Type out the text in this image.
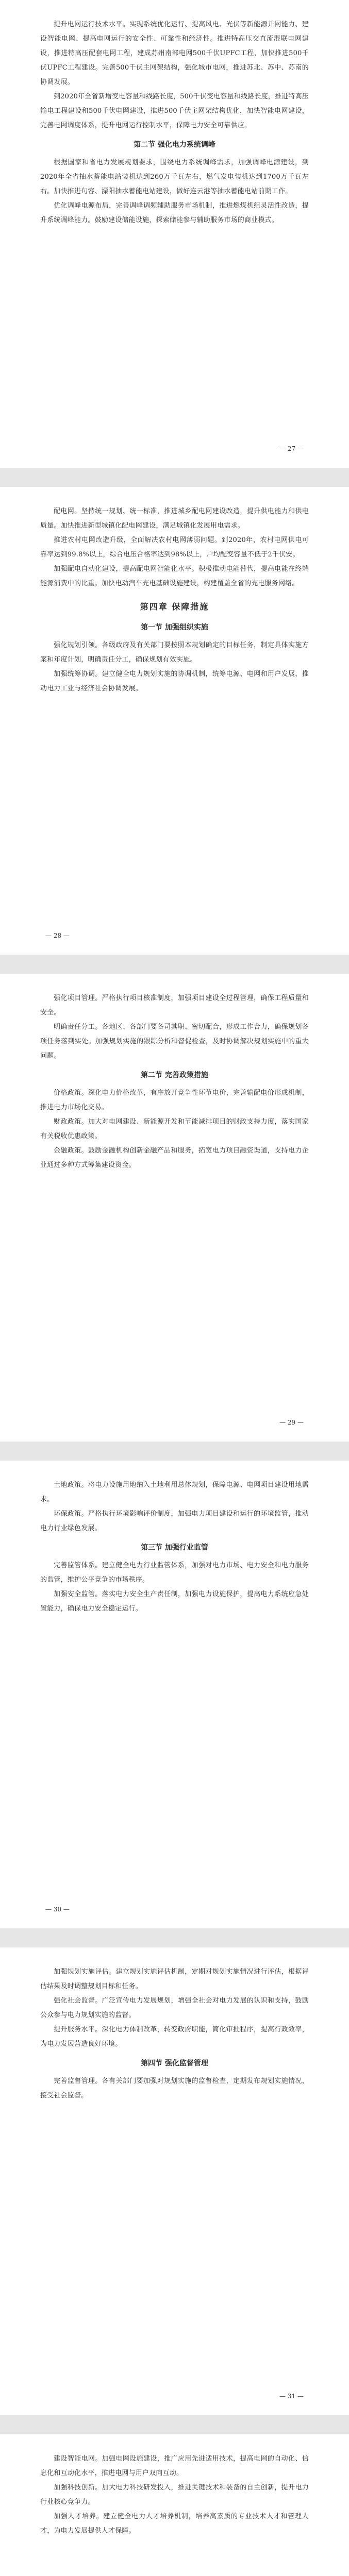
提升电网运行技术水平。实现系统优化运行、提高风电、光伏等新能源并网能力、建设智能电网、提高电网运行的安全性、可靠性和经济性。推进特高压交直流混联电网建设，推进特高压配套电网工程，建成苏州南部电网500千伏UPFC工程，加快推进500千伏UPFC工程建设。完善500千伏主网架结构，强化城市电网，推进苏北、苏中、苏南的协调发展。

到2020年全省新增变电容量和线路长度，500千伏变电容量和线路长度，推进特高压输电工程建设和500千伏电网建设，推进500千伏主网架结构优化，加快智能电网建设，完善电网调度体系，提升电网运行控制水平，保障电力安全可靠供应。

第二节 强化电力系统调峰

根据国家和省电力发展规划要求，围绕电力系统调峰需求，加强调峰电源建设，到2020年全省抽水蓄能电站装机达到260万千瓦左右，燃气发电装机达到1700万千瓦左右。加快推进句容、溧阳抽水蓄能电站建设，做好连云港等抽水蓄能电站前期工作。

优化调峰电源布局，完善调峰调频辅助服务市场机制，推进燃煤机组灵活性改造，提升系统调峰能力。鼓励建设储能设施，探索储能参与辅助服务市场的商业模式。

— 27 —

配电网。坚持统一规划、统一标准，推进城乡配电网建设改造，提升供电能力和供电质量。加快推进新型城镇化配电网建设，满足城镇化发展用电需求。

推进农村电网改造升级，全面解决农村电网薄弱问题。到2020年，农村电网供电可靠率达到99.8%以上，综合电压合格率达到98%以上，户均配变容量不低于2千伏安。

加强配电自动化建设，提高配电网智能化水平。积极推动电能替代，提高电能在终端能源消费中的比重。加快电动汽车充电基础设施建设，构建覆盖全省的充电服务网络。

第四章 保障措施
第一节 加强组织实施

强化规划引领。各级政府及有关部门要按照本规划确定的目标任务，制定具体实施方案和年度计划，明确责任分工，确保规划有效实施。

加强统筹协调。建立健全电力规划实施的协调机制，统筹电源、电网和用户发展，推动电力工业与经济社会协调发展。

— 28 —

强化项目管理。严格执行项目核准制度，加强项目建设全过程管理，确保工程质量和安全。

明确责任分工。各地区、各部门要各司其职、密切配合，形成工作合力，确保规划各项任务落到实处。加强规划实施的跟踪分析和督促检查，及时协调解决规划实施中的重大问题。

第二节 完善政策措施

价格政策。深化电力价格改革，有序放开竞争性环节电价，完善输配电价形成机制，推进电力市场化交易。

财政政策。加大对电网建设、新能源开发和节能减排项目的财政支持力度，落实国家有关税收优惠政策。

金融政策。鼓励金融机构创新金融产品和服务，拓宽电力项目融资渠道，支持电力企业通过多种方式筹集建设资金。

— 29 —

土地政策。将电力设施用地纳入土地利用总体规划，保障电源、电网项目建设用地需求。

环保政策。严格执行环境影响评价制度，加强电力项目建设和运行的环境监管，推动电力行业绿色发展。

第三节 加强行业监管

完善监管体系。建立健全电力行业监管体系，加强对电力市场、电力安全和电力服务的监管，维护公平竞争的市场秩序。

加强安全监管。落实电力安全生产责任制，加强电力设施保护，提高电力系统应急处置能力，确保电力安全稳定运行。

— 30 —

加强规划实施评估。建立规划实施评估机制，定期对规划实施情况进行评估，根据评估结果及时调整规划目标和任务。

强化社会监督。广泛宣传电力发展规划，增强全社会对电力发展的认识和支持，鼓励公众参与电力规划实施的监督。

提升服务水平。深化电力体制改革，转变政府职能，简化审批程序，提高行政效率，为电力发展营造良好环境。

第四节 强化监督管理

完善监督管理。各有关部门要加强对规划实施的监督检查，定期发布规划实施情况，接受社会监督。

— 31 —

建设智能电网。加强电网设施建设，推广应用先进适用技术，提高电网的自动化、信息化和互动化水平，推进电网与用户双向互动。

加强科技创新。加大电力科技研发投入，推进关键技术和装备的自主创新，提升电力行业核心竞争力。

加强人才培养。建立健全电力人才培养机制，培养高素质的专业技术人才和管理人才，为电力发展提供人才保障。
